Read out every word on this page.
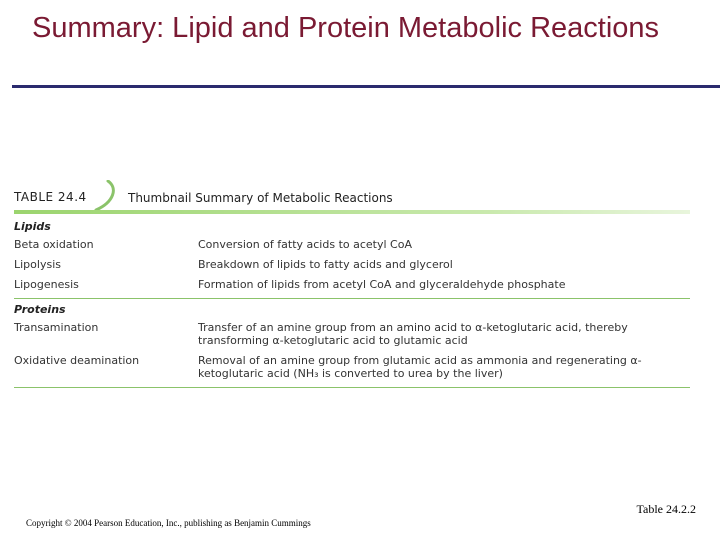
Summary: Lipid and Protein Metabolic Reactions
TABLE 24.4	Thumbnail Summary of Metabolic Reactions
Lipids
Beta oxidation	Conversion of fatty acids to acetyl CoA
Lipolysis	Breakdown of lipids to fatty acids and glycerol
Lipogenesis	Formation of lipids from acetyl CoA and glyceraldehyde phosphate
Proteins
Transamination	Transfer of an amine group from an amino acid to α-ketoglutaric acid, thereby transforming α-ketoglutaric acid to glutamic acid
Oxidative deamination	Removal of an amine group from glutamic acid as ammonia and regenerating α-ketoglutaric acid (NH₃ is converted to urea by the liver)
Table 24.2.2
Copyright © 2004 Pearson Education, Inc., publishing as Benjamin Cummings
